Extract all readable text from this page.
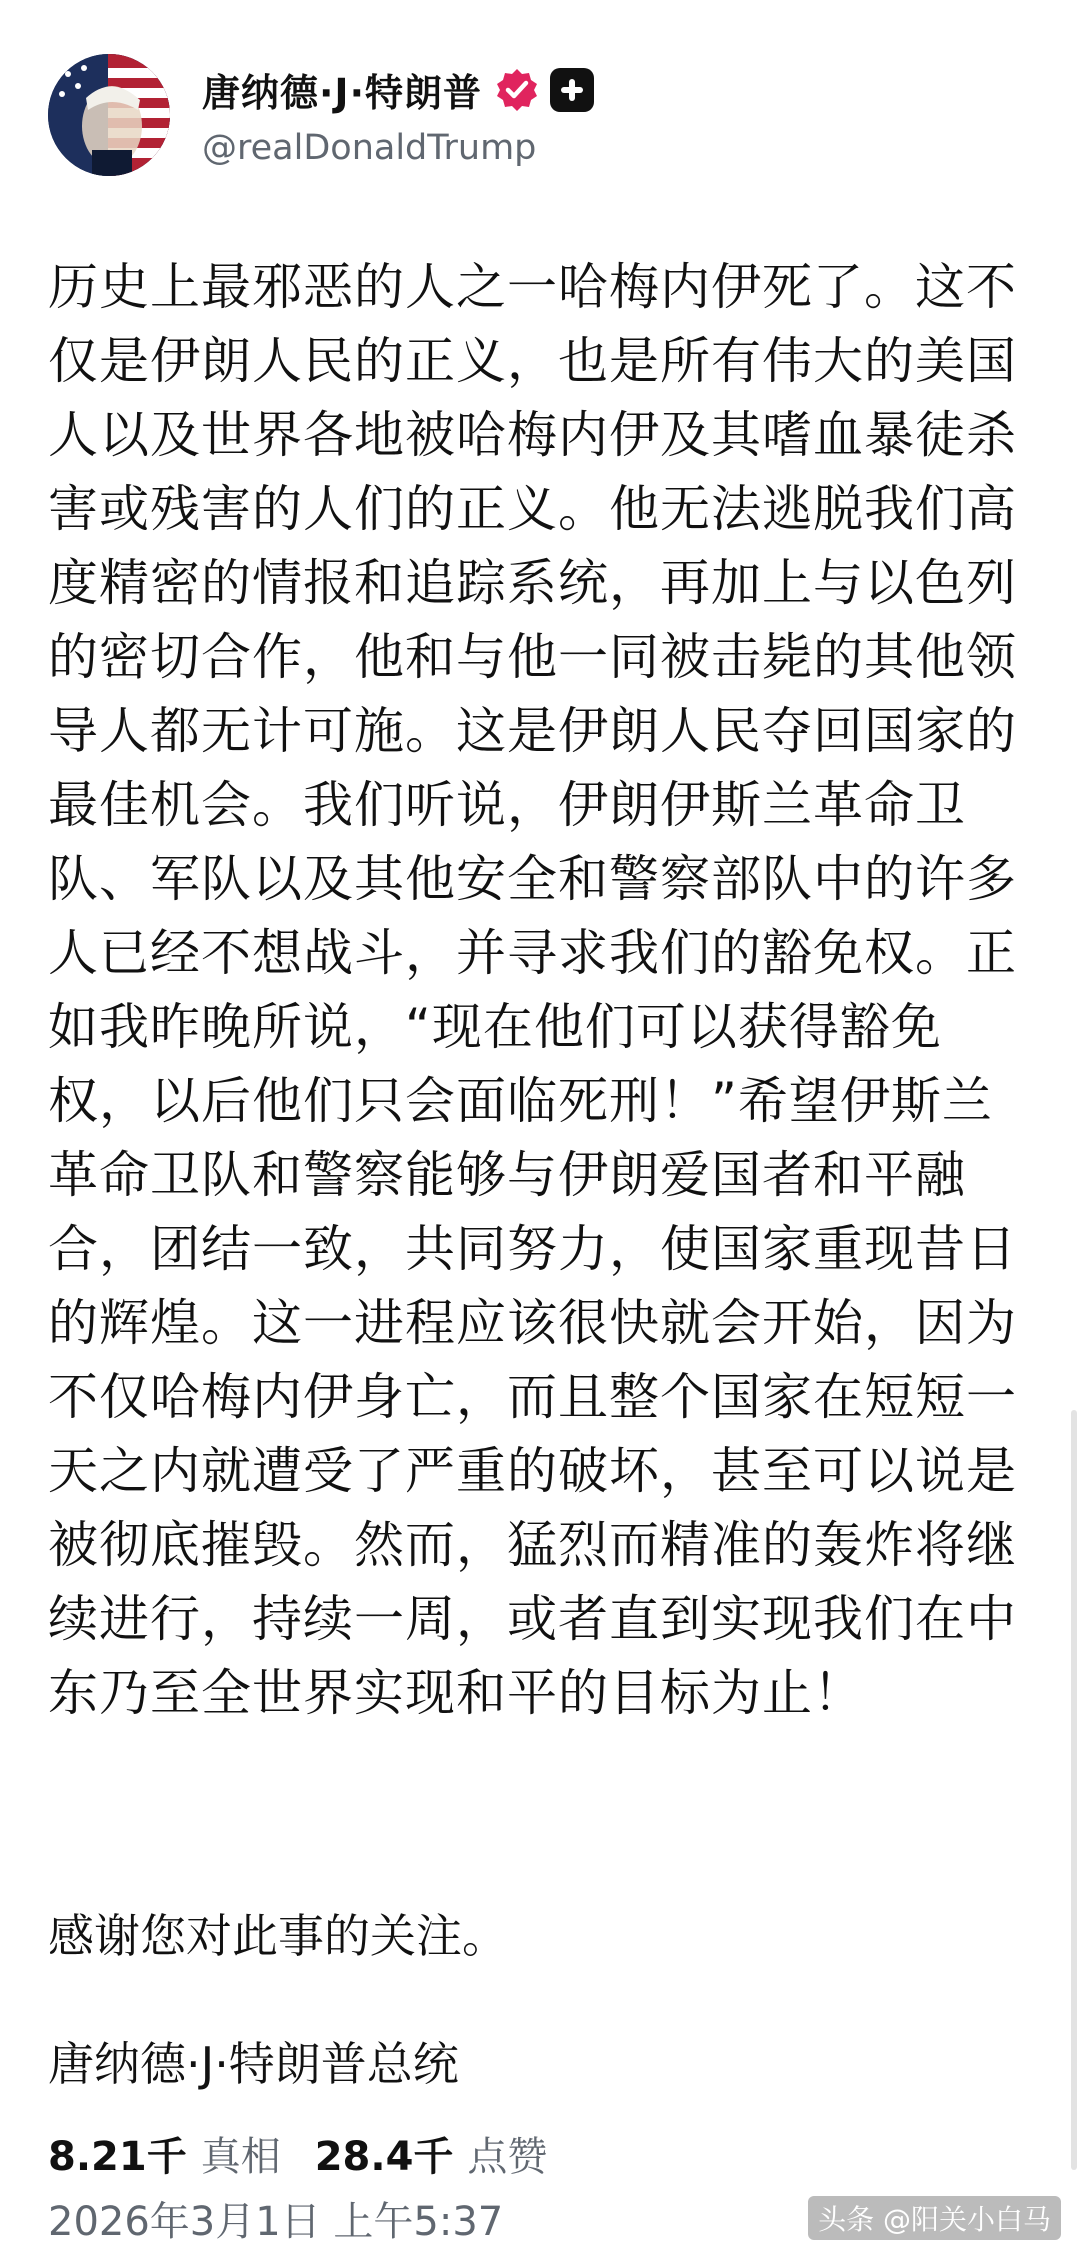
唐纳德·J·特朗普
@realDonaldTrump
历史上最邪恶的人之一哈梅内伊死了。这不仅是伊朗人民的正义，也是所有伟大的美国人以及世界各地被哈梅内伊及其嗜血暴徒杀害或残害的人们的正义。他无法逃脱我们高度精密的情报和追踪系统，再加上与以色列的密切合作，他和与他一同被击毙的其他领导人都无计可施。这是伊朗人民夺回国家的最佳机会。我们听说，伊朗伊斯兰革命卫队、军队以及其他安全和警察部队中的许多人已经不想战斗，并寻求我们的豁免权。正如我昨晚所说，“现在他们可以获得豁免权，以后他们只会面临死刑！”希望伊斯兰革命卫队和警察能够与伊朗爱国者和平融合，团结一致，共同努力，使国家重现昔日的辉煌。这一进程应该很快就会开始，因为不仅哈梅内伊身亡，而且整个国家在短短一天之内就遭受了严重的破坏，甚至可以说是被彻底摧毁。然而，猛烈而精准的轰炸将继续进行，持续一周，或者直到实现我们在中东乃至全世界实现和平的目标为止！
感谢您对此事的关注。
唐纳德·J·特朗普总统
8.21千 真相 28.4千 点赞
2026年3月1日 上午5:37	头条 @阳关小白马
